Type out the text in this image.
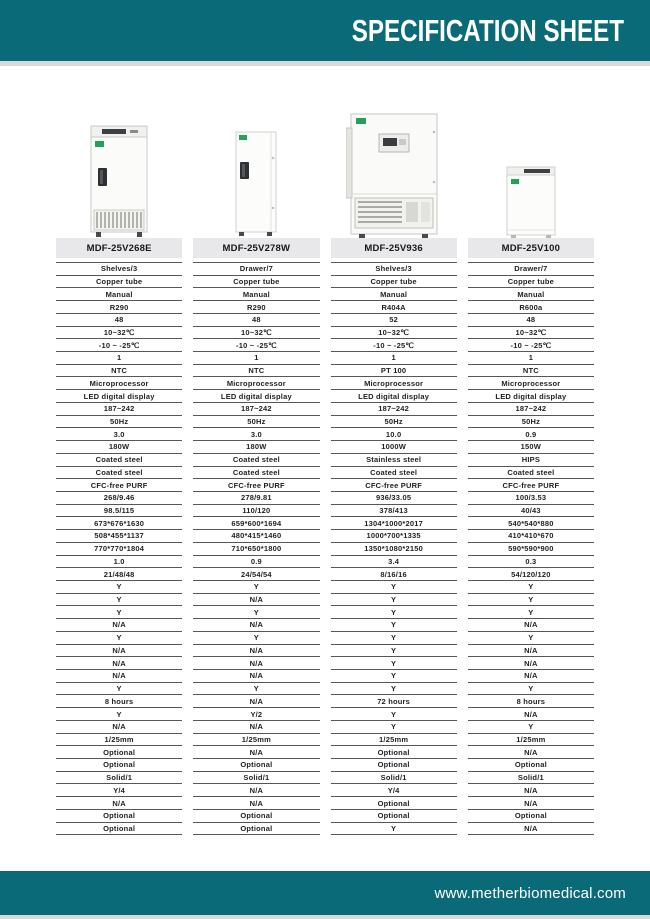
SPECIFICATION SHEET
MDF-25V268E
Shelves/3
Copper tube
Manual
R290
48
10~32℃
-10 ~ -25℃
1
NTC
Microprocessor
LED digital display
187~242
50Hz
3.0
180W
Coated steel
Coated steel
CFC-free PURF
268/9.46
98.5/115
673*676*1630
508*455*1137
770*770*1804
1.0
21/48/48
Y
Y
Y
N/A
Y
N/A
N/A
N/A
Y
8 hours
Y
N/A
1/25mm
Optional
Optional
Solid/1
Y/4
N/A
Optional
Optional
MDF-25V278W
Drawer/7
Copper tube
Manual
R290
48
10~32℃
-10 ~ -25℃
1
NTC
Microprocessor
LED digital display
187~242
50Hz
3.0
180W
Coated steel
Coated steel
CFC-free PURF
278/9.81
110/120
659*600*1694
480*415*1460
710*650*1800
0.9
24/54/54
Y
N/A
Y
N/A
Y
N/A
N/A
N/A
Y
N/A
Y/2
N/A
1/25mm
N/A
Optional
Solid/1
N/A
N/A
Optional
Optional
MDF-25V936
Shelves/3
Copper tube
Manual
R404A
52
10~32℃
-10 ~ -25℃
1
PT 100
Microprocessor
LED digital display
187~242
50Hz
10.0
1000W
Stainless steel
Coated steel
CFC-free PURF
936/33.05
378/413
1304*1000*2017
1000*700*1335
1350*1080*2150
3.4
8/16/16
Y
Y
Y
Y
Y
Y
Y
Y
Y
72 hours
Y
Y
1/25mm
Optional
Optional
Solid/1
Y/4
Optional
Optional
Y
MDF-25V100
Drawer/7
Copper tube
Manual
R600a
48
10~32℃
-10 ~ -25℃
1
NTC
Microprocessor
LED digital display
187~242
50Hz
0.9
150W
HIPS
Coated steel
CFC-free PURF
100/3.53
40/43
540*540*880
410*410*670
590*590*900
0.3
54/120/120
Y
Y
Y
N/A
Y
N/A
N/A
N/A
Y
8 hours
N/A
Y
1/25mm
N/A
Optional
Solid/1
N/A
N/A
Optional
N/A
www.metherbiomedical.com
